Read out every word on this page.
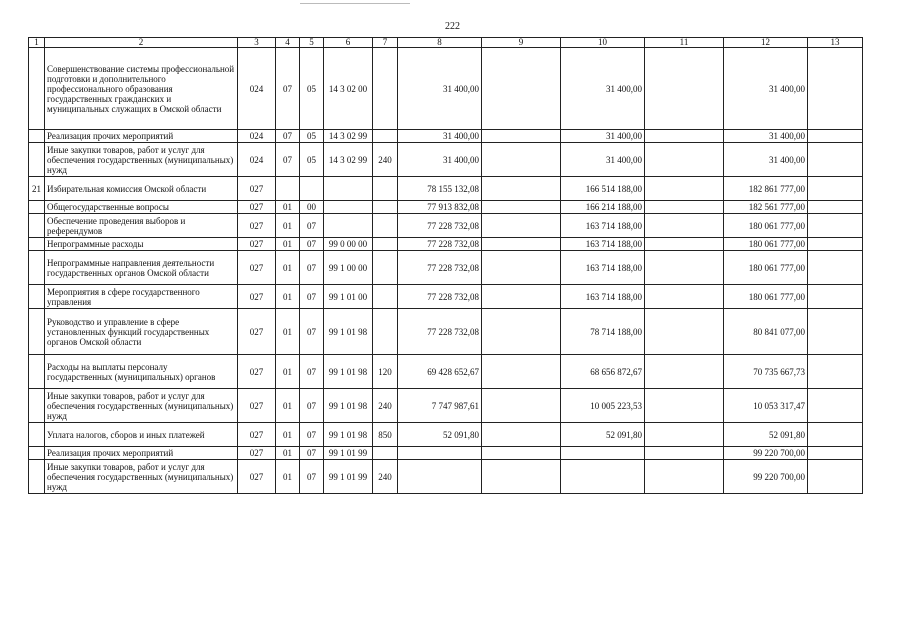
222
1	2	3	4	5	6	7	8	9	10	11	12	13
	Совершенствование системы профессиональной подготовки и дополнительного профессионального образования государственных гражданских и муниципальных служащих в Омской области	024	07	05	14 3 02 00		31 400,00		31 400,00		31 400,00	
	Реализация прочих мероприятий	024	07	05	14 3 02 99		31 400,00		31 400,00		31 400,00	
	Иные закупки товаров, работ и услуг для обеспечения государственных (муниципальных) нужд	024	07	05	14 3 02 99	240	31 400,00		31 400,00		31 400,00	
21	Избирательная комиссия Омской области	027					78 155 132,08		166 514 188,00		182 861 777,00	
	Общегосударственные вопросы	027	01	00			77 913 832,08		166 214 188,00		182 561 777,00	
	Обеспечение проведения выборов и референдумов	027	01	07			77 228 732,08		163 714 188,00		180 061 777,00	
	Непрограммные расходы	027	01	07	99 0 00 00		77 228 732,08		163 714 188,00		180 061 777,00	
	Непрограммные направления деятельности государственных органов Омской области	027	01	07	99 1 00 00		77 228 732,08		163 714 188,00		180 061 777,00	
	Мероприятия в сфере государственного управления	027	01	07	99 1 01 00		77 228 732,08		163 714 188,00		180 061 777,00	
	Руководство и управление в сфере установленных функций государственных органов Омской области	027	01	07	99 1 01 98		77 228 732,08		78 714 188,00		80 841 077,00	
	Расходы на выплаты персоналу государственных (муниципальных) органов	027	01	07	99 1 01 98	120	69 428 652,67		68 656 872,67		70 735 667,73	
	Иные закупки товаров, работ и услуг для обеспечения государственных (муниципальных) нужд	027	01	07	99 1 01 98	240	7 747 987,61		10 005 223,53		10 053 317,47	
	Уплата налогов, сборов и иных платежей	027	01	07	99 1 01 98	850	52 091,80		52 091,80		52 091,80	
	Реализация прочих мероприятий	027	01	07	99 1 01 99						99 220 700,00	
	Иные закупки товаров, работ и услуг для обеспечения государственных (муниципальных) нужд	027	01	07	99 1 01 99	240					99 220 700,00	
